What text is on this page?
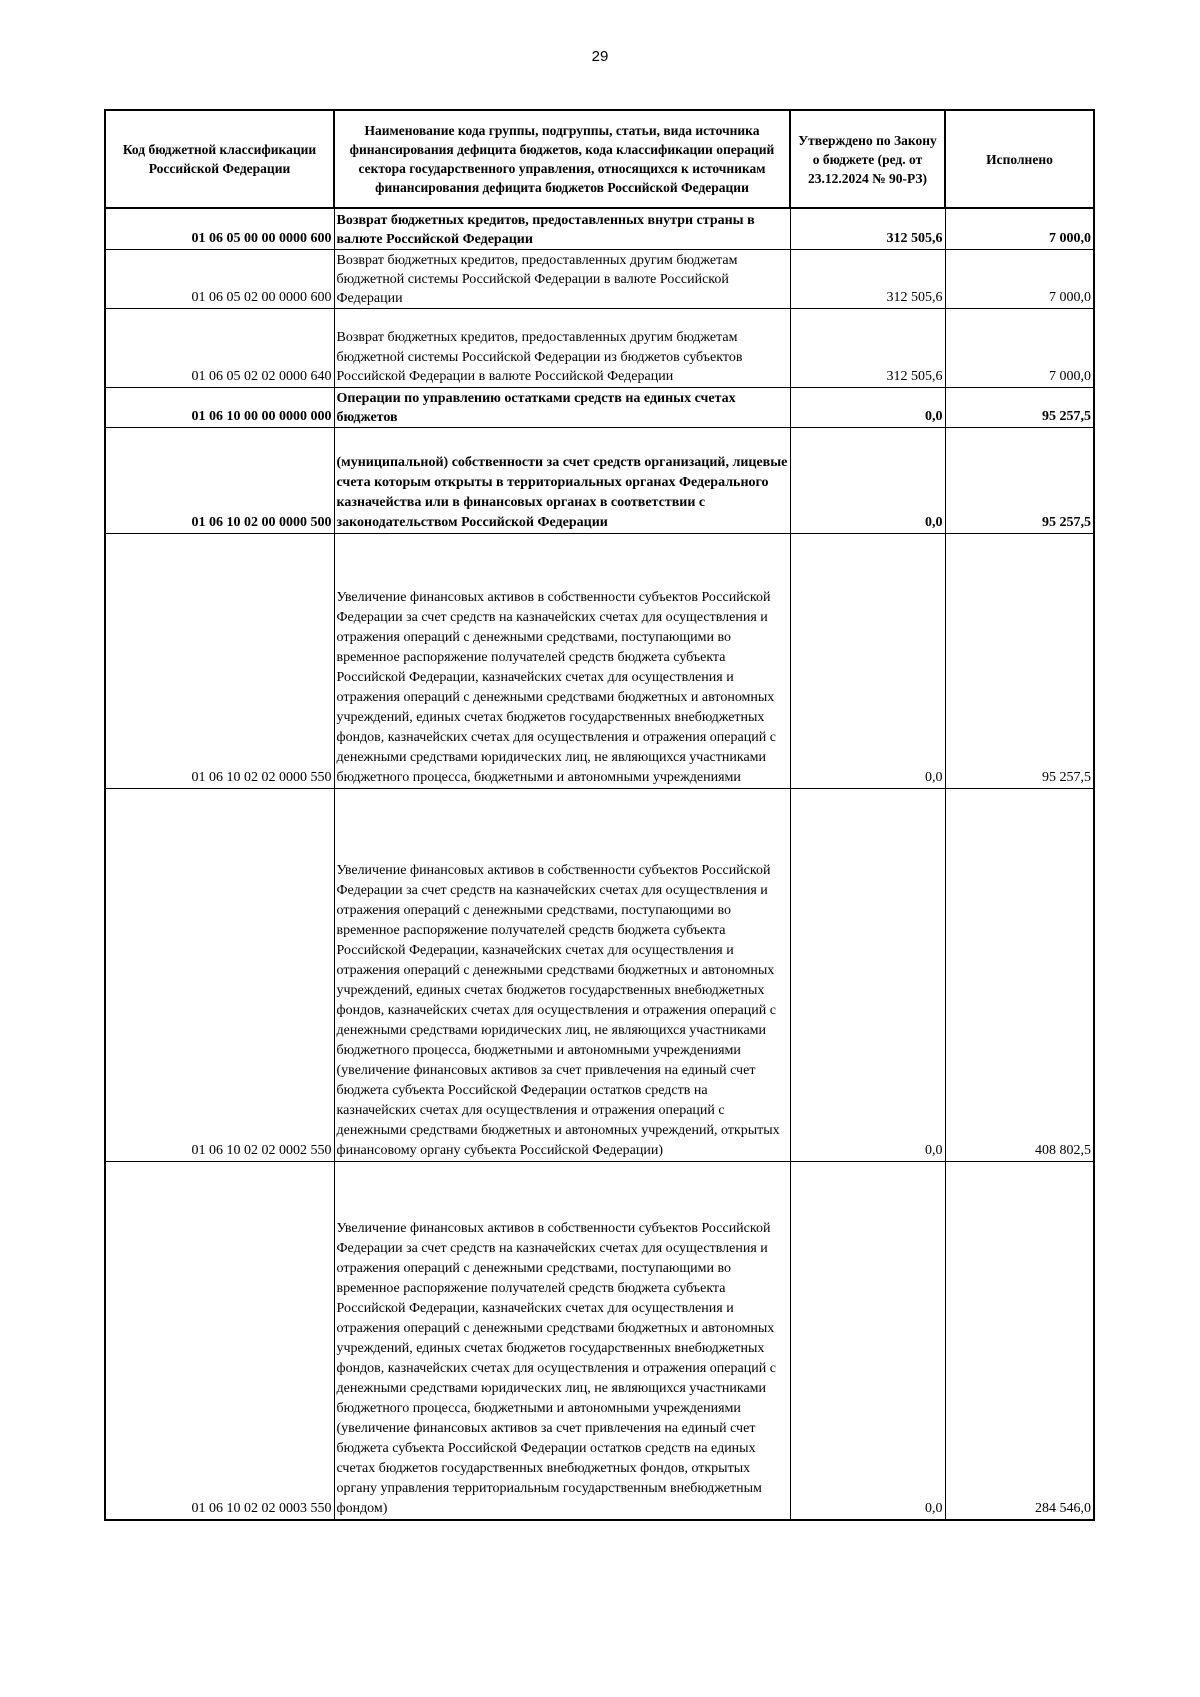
29
Код бюджетной классификации Российской Федерации	Наименование кода группы, подгруппы, статьи, вида источника финансирования дефицита бюджетов, кода классификации операций сектора государственного управления, относящихся к источникам финансирования дефицита бюджетов Российской Федерации	Утверждено по Закону о бюджете (ред. от 23.12.2024 № 90-РЗ)	Исполнено
01 06 05 00 00 0000 600	Возврат бюджетных кредитов, предоставленных внутри страны в валюте Российской Федерации	312 505,6	7 000,0
01 06 05 02 00 0000 600	Возврат бюджетных кредитов, предоставленных другим бюджетам бюджетной системы Российской Федерации в валюте Российской Федерации	312 505,6	7 000,0
01 06 05 02 02 0000 640	Возврат бюджетных кредитов, предоставленных другим бюджетам бюджетной системы Российской Федерации из бюджетов субъектов Российской Федерации в валюте Российской Федерации	312 505,6	7 000,0
01 06 10 00 00 0000 000	Операции по управлению остатками средств на единых счетах бюджетов	0,0	95 257,5
01 06 10 02 00 0000 500	(муниципальной) собственности за счет средств организаций, лицевые счета которым открыты в территориальных органах Федерального казначейства или в финансовых органах в соответствии с законодательством Российской Федерации	0,0	95 257,5
01 06 10 02 02 0000 550	Увеличение финансовых активов в собственности субъектов Российской Федерации за счет средств на казначейских счетах для осуществления и отражения операций с денежными средствами, поступающими во временное распоряжение получателей средств бюджета субъекта Российской Федерации, казначейских счетах для осуществления и отражения операций с денежными средствами бюджетных и автономных учреждений, единых счетах бюджетов государственных внебюджетных фондов, казначейских счетах для осуществления и отражения операций с денежными средствами юридических лиц, не являющихся участниками бюджетного процесса, бюджетными и автономными учреждениями	0,0	95 257,5
01 06 10 02 02 0002 550	Увеличение финансовых активов в собственности субъектов Российской Федерации за счет средств на казначейских счетах для осуществления и отражения операций с денежными средствами, поступающими во временное распоряжение получателей средств бюджета субъекта Российской Федерации, казначейских счетах для осуществления и отражения операций с денежными средствами бюджетных и автономных учреждений, единых счетах бюджетов государственных внебюджетных фондов, казначейских счетах для осуществления и отражения операций с денежными средствами юридических лиц, не являющихся участниками бюджетного процесса, бюджетными и автономными учреждениями (увеличение финансовых активов за счет привлечения на единый счет бюджета субъекта Российской Федерации остатков средств на казначейских счетах для осуществления и отражения операций с денежными средствами бюджетных и автономных учреждений, открытых финансовому органу субъекта Российской Федерации)	0,0	408 802,5
01 06 10 02 02 0003 550	Увеличение финансовых активов в собственности субъектов Российской Федерации за счет средств на казначейских счетах для осуществления и отражения операций с денежными средствами, поступающими во временное распоряжение получателей средств бюджета субъекта Российской Федерации, казначейских счетах для осуществления и отражения операций с денежными средствами бюджетных и автономных учреждений, единых счетах бюджетов государственных внебюджетных фондов, казначейских счетах для осуществления и отражения операций с денежными средствами юридических лиц, не являющихся участниками бюджетного процесса, бюджетными и автономными учреждениями (увеличение финансовых активов за счет привлечения на единый счет бюджета субъекта Российской Федерации остатков средств на единых счетах бюджетов государственных внебюджетных фондов, открытых органу управления территориальным государственным внебюджетным фондом)	0,0	284 546,0
